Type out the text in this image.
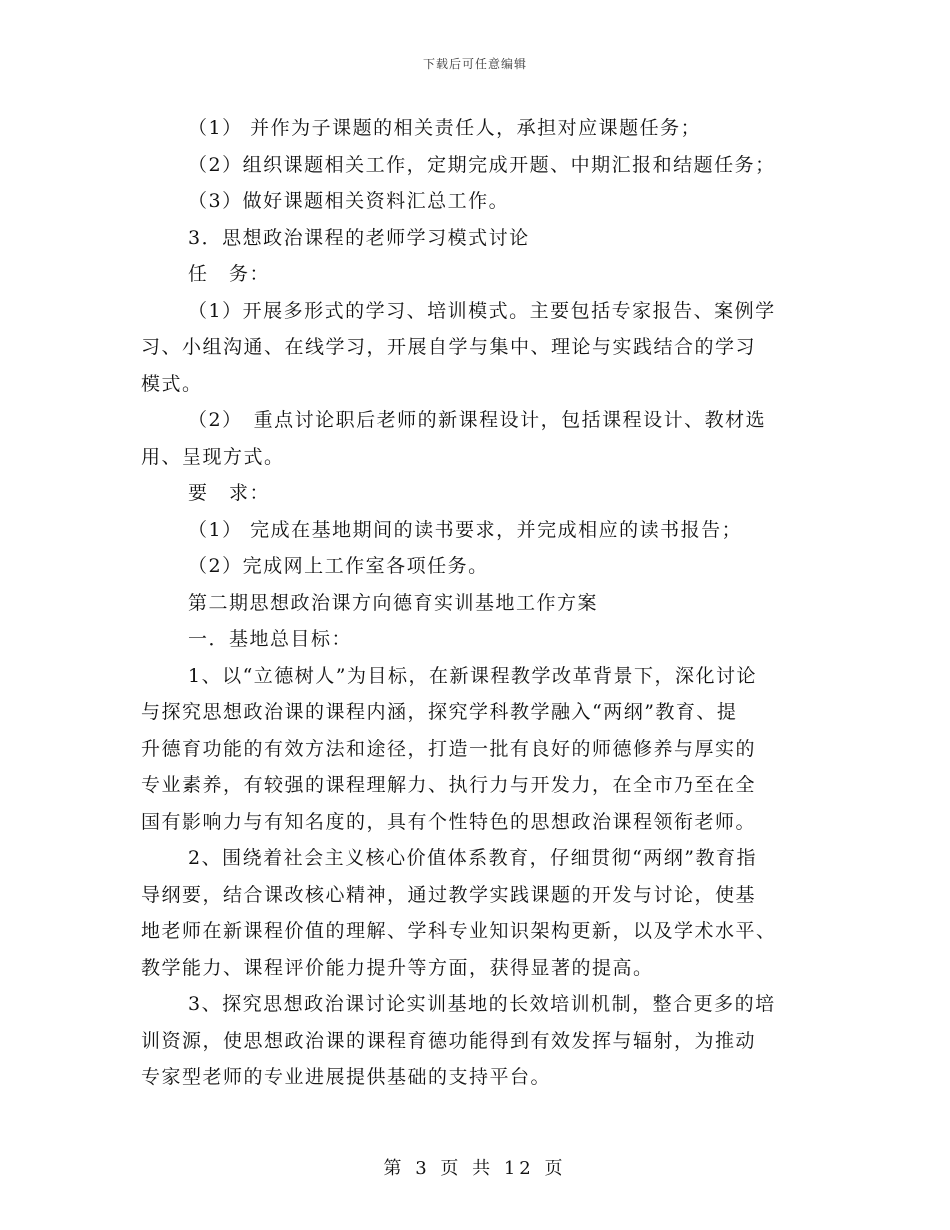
下载后可任意编辑
（1） 并作为子课题的相关责任人，承担对应课题任务；
（2）组织课题相关工作，定期完成开题、中期汇报和结题任务；
（3）做好课题相关资料汇总工作。
3．思想政治课程的老师学习模式讨论
任　务：
（1）开展多形式的学习、培训模式。主要包括专家报告、案例学
习、小组沟通、在线学习，开展自学与集中、理论与实践结合的学习
模式。
（2）　重点讨论职后老师的新课程设计，包括课程设计、教材选
用、呈现方式。
要　求：
（1） 完成在基地期间的读书要求，并完成相应的读书报告；
（2）完成网上工作室各项任务。
第二期思想政治课方向德育实训基地工作方案
一．基地总目标：
1、以“立德树人”为目标，在新课程教学改革背景下，深化讨论
与探究思想政治课的课程内涵，探究学科教学融入“两纲”教育、提
升德育功能的有效方法和途径，打造一批有良好的师德修养与厚实的
专业素养，有较强的课程理解力、执行力与开发力，在全市乃至在全
国有影响力与有知名度的，具有个性特色的思想政治课程领衔老师。
2、围绕着社会主义核心价值体系教育，仔细贯彻“两纲”教育指
导纲要，结合课改核心精神，通过教学实践课题的开发与讨论，使基
地老师在新课程价值的理解、学科专业知识架构更新，以及学术水平、
教学能力、课程评价能力提升等方面，获得显著的提高。
3、探究思想政治课讨论实训基地的长效培训机制，整合更多的培
训资源，使思想政治课的课程育德功能得到有效发挥与辐射，为推动
专家型老师的专业进展提供基础的支持平台。
第 3 页 共 12 页
